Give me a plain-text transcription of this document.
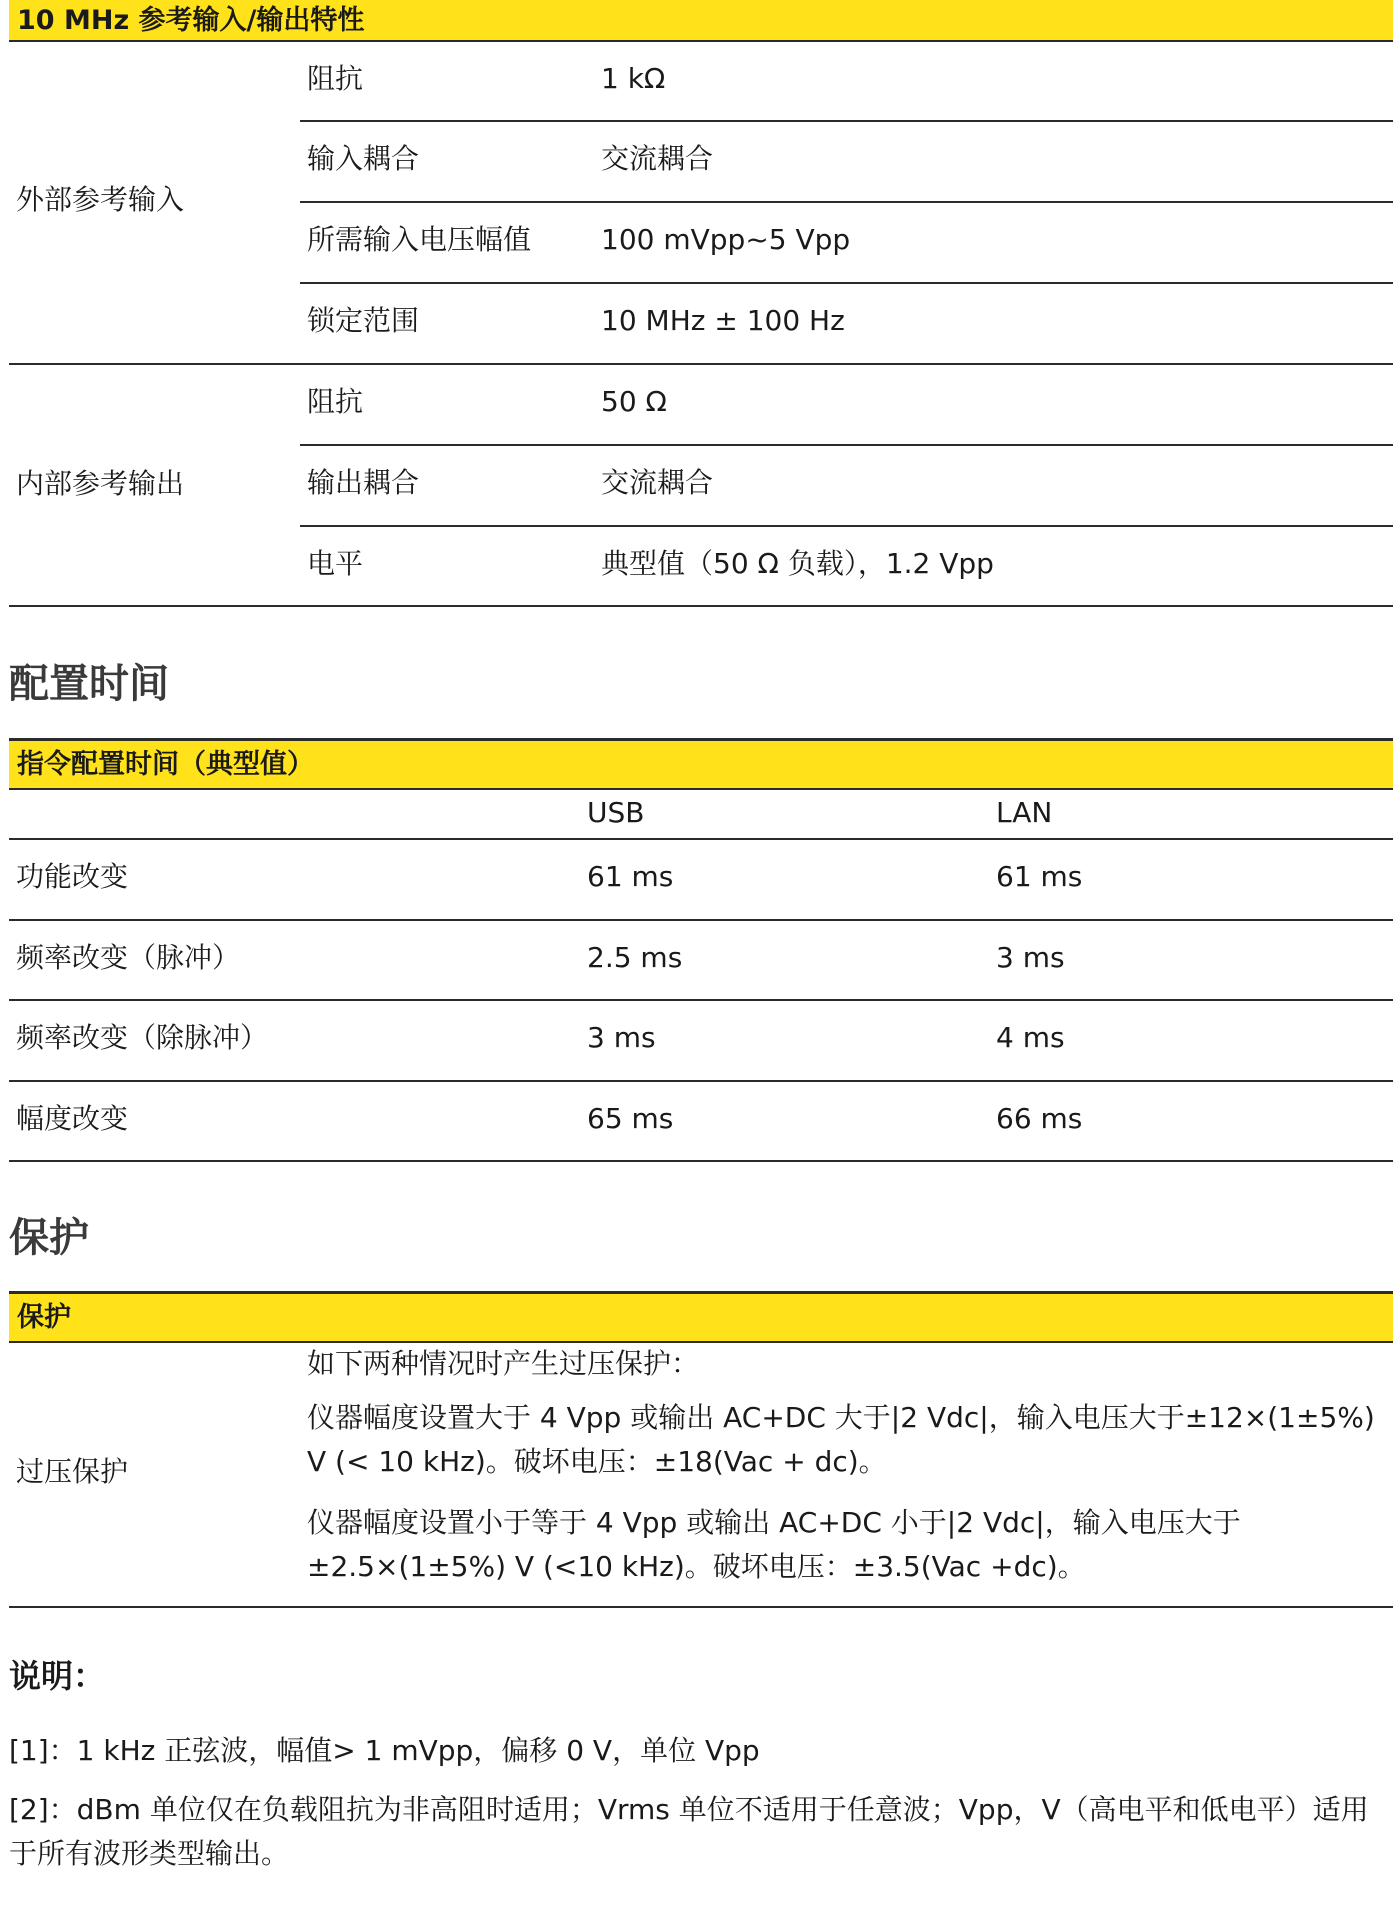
10 MHz 参考输入/输出特性
外部参考输入
阻抗	1 kΩ
输入耦合	交流耦合
所需输入电压幅值 100 mVpp~5 Vpp
锁定范围	10 MHz ± 100 Hz
内部参考输出
阻抗	50 Ω
输出耦合	交流耦合
电平	典型值（50 Ω 负载），1.2 Vpp
配置时间
指令配置时间（典型值）
USB	LAN
功能改变	61 ms	61 ms
频率改变（脉冲）	2.5 ms	3 ms
频率改变（除脉冲）	3 ms	4 ms
幅度改变	65 ms	66 ms
保护
保护
过压保护
如下两种情况时产生过压保护：
仪器幅度设置大于 4 Vpp 或输出 AC+DC 大于|2 Vdc|，输入电压大于±12×(1±5%) V (< 10 kHz)。破坏电压：±18(Vac + dc)。
仪器幅度设置小于等于 4 Vpp 或输出 AC+DC 小于|2 Vdc|，输入电压大于±2.5×(1±5%) V (<10 kHz)。破坏电压：±3.5(Vac +dc)。
说明：
[1]：1 kHz 正弦波，幅值> 1 mVpp，偏移 0 V，单位 Vpp
[2]：dBm 单位仅在负载阻抗为非高阻时适用；Vrms 单位不适用于任意波；Vpp，V（高电平和低电平）适用于所有波形类型输出。
